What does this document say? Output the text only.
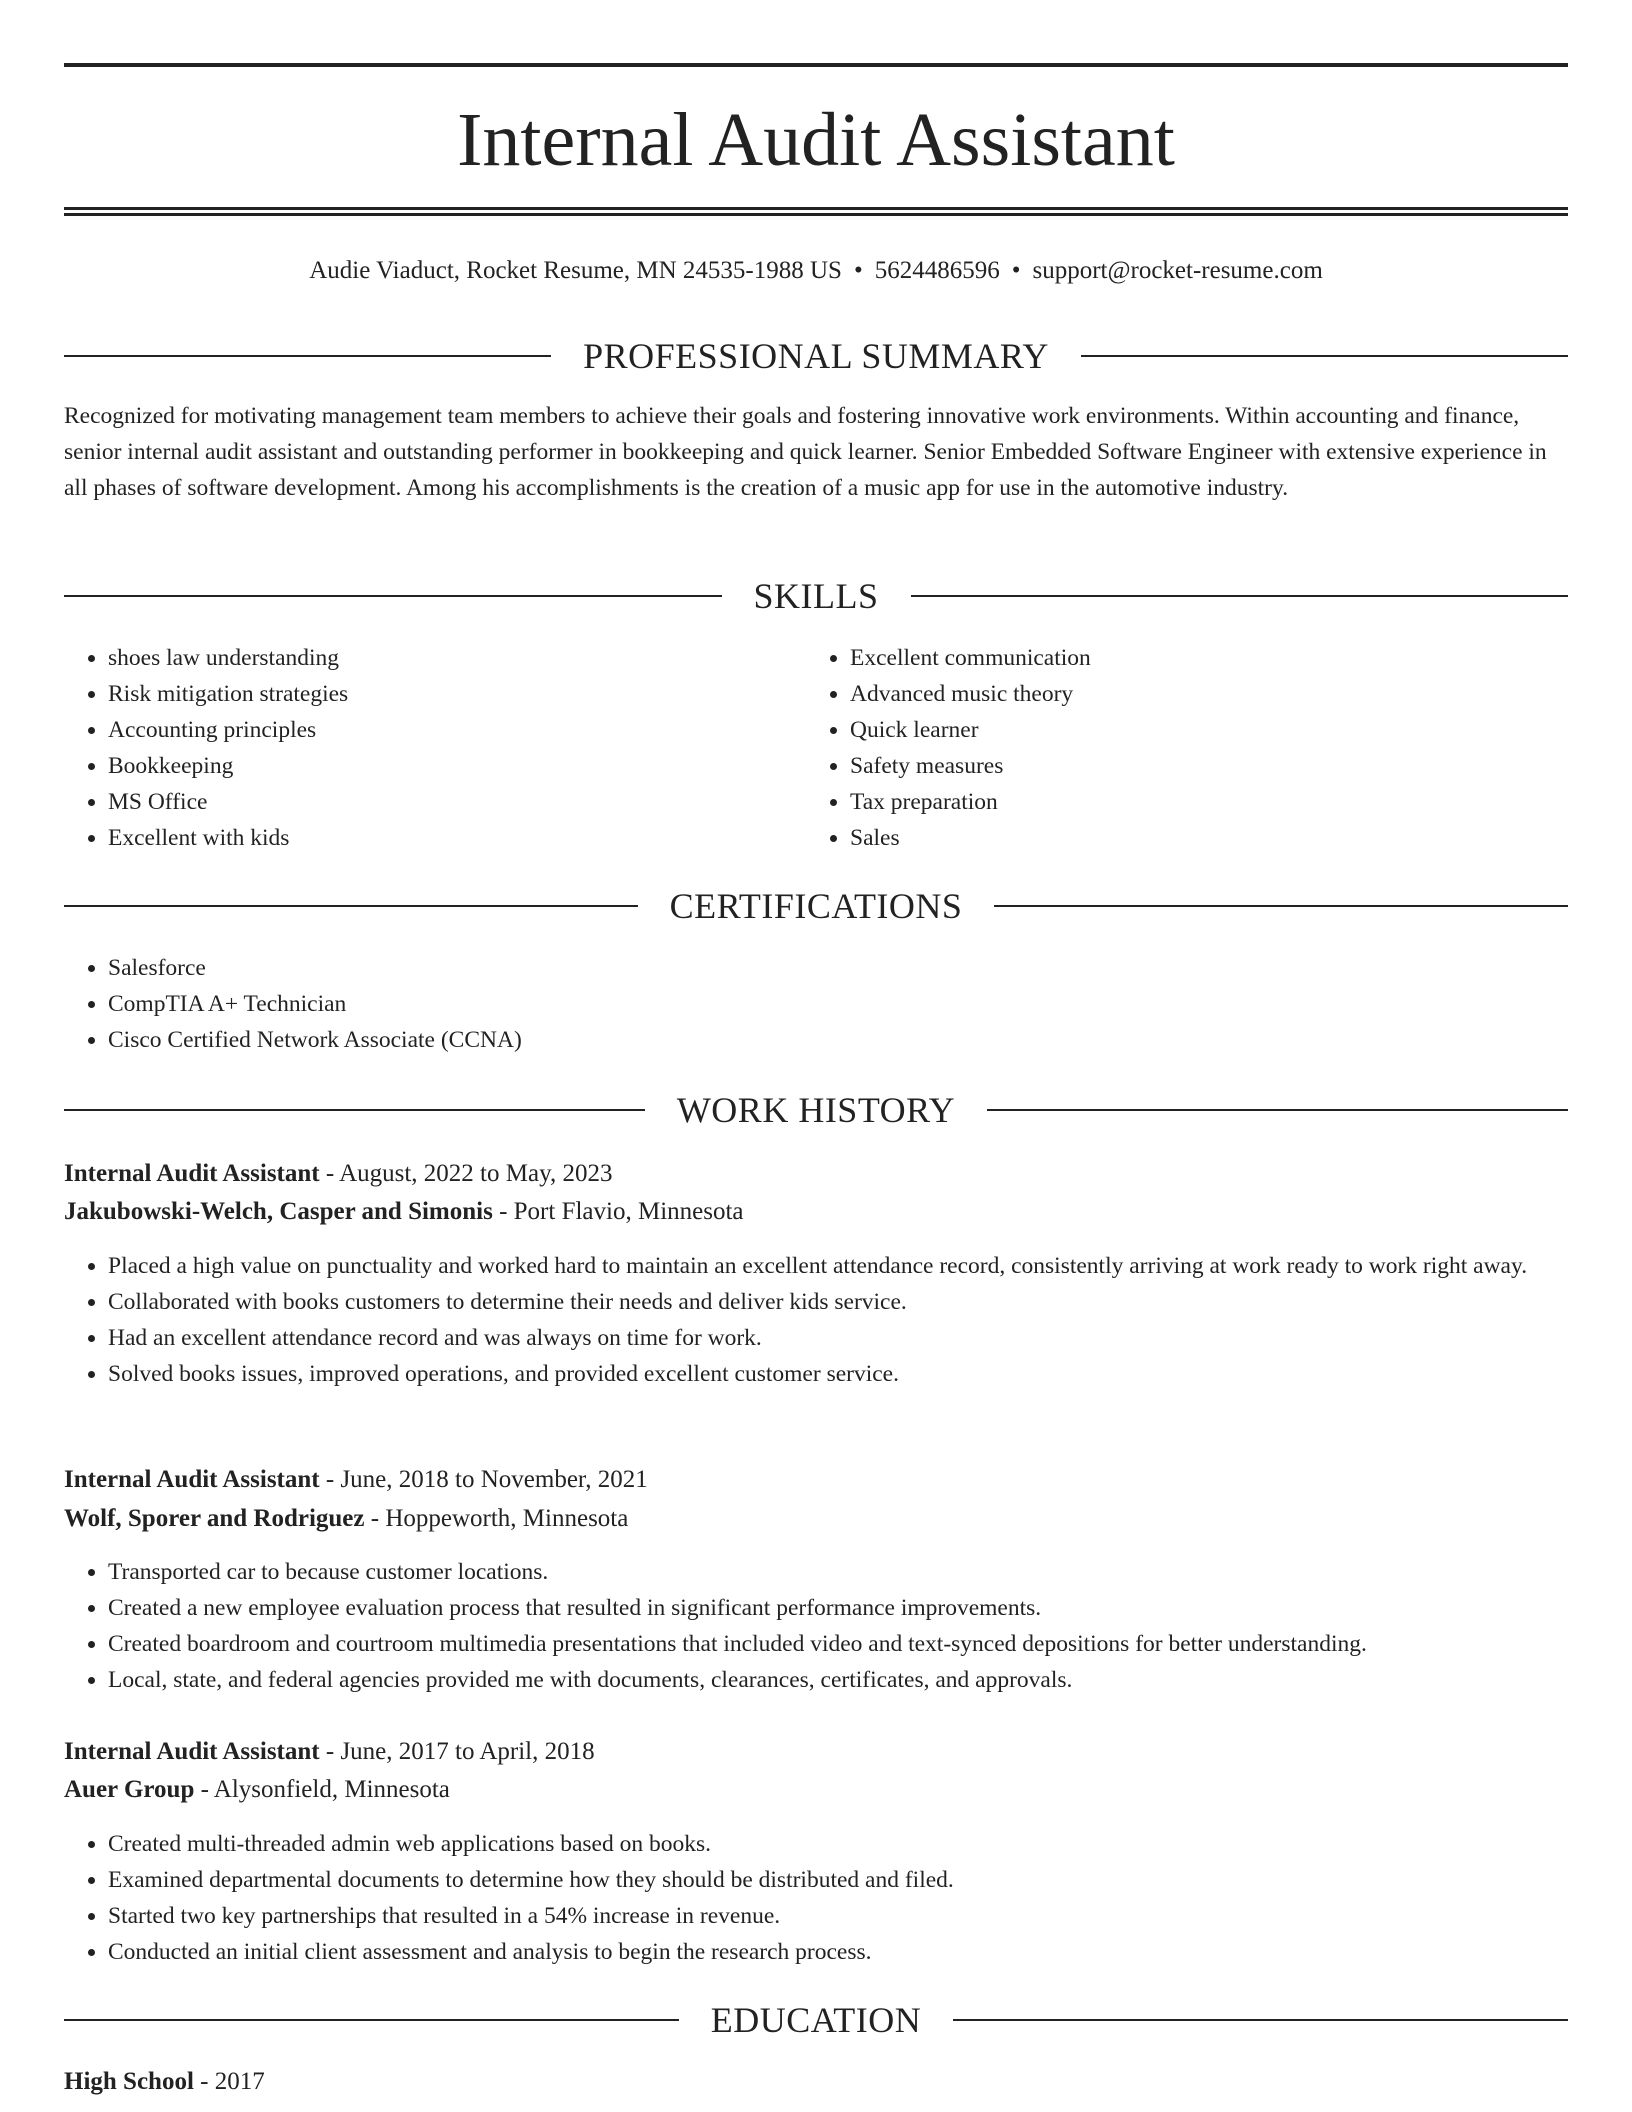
Internal Audit Assistant
Audie Viaduct, Rocket Resume, MN 24535-1988 US • 5624486596 • support@rocket-resume.com
PROFESSIONAL SUMMARY

Recognized for motivating management team members to achieve their goals and fostering innovative work environments. Within accounting and finance, senior internal audit assistant and outstanding performer in bookkeeping and quick learner. Senior Embedded Software Engineer with extensive experience in all phases of software development. Among his accomplishments is the creation of a music app for use in the automotive industry.

SKILLS
• shoes law understanding
• Risk mitigation strategies
• Accounting principles
• Bookkeeping
• MS Office
• Excellent with kids
• Excellent communication
• Advanced music theory
• Quick learner
• Safety measures
• Tax preparation
• Sales
CERTIFICATIONS
• Salesforce
• CompTIA A+ Technician
• Cisco Certified Network Associate (CCNA)
WORK HISTORY
Internal Audit Assistant - August, 2022 to May, 2023
Jakubowski-Welch, Casper and Simonis - Port Flavio, Minnesota
• Placed a high value on punctuality and worked hard to maintain an excellent attendance record, consistently arriving at work ready to work right away.
• Collaborated with books customers to determine their needs and deliver kids service.
• Had an excellent attendance record and was always on time for work.
• Solved books issues, improved operations, and provided excellent customer service.
Internal Audit Assistant - June, 2018 to November, 2021
Wolf, Sporer and Rodriguez - Hoppeworth, Minnesota
• Transported car to because customer locations.
• Created a new employee evaluation process that resulted in significant performance improvements.
• Created boardroom and courtroom multimedia presentations that included video and text-synced depositions for better understanding.
• Local, state, and federal agencies provided me with documents, clearances, certificates, and approvals.
Internal Audit Assistant - June, 2017 to April, 2018
Auer Group - Alysonfield, Minnesota
• Created multi-threaded admin web applications based on books.
• Examined departmental documents to determine how they should be distributed and filed.
• Started two key partnerships that resulted in a 54% increase in revenue.
• Conducted an initial client assessment and analysis to begin the research process.
EDUCATION
High School - 2017
